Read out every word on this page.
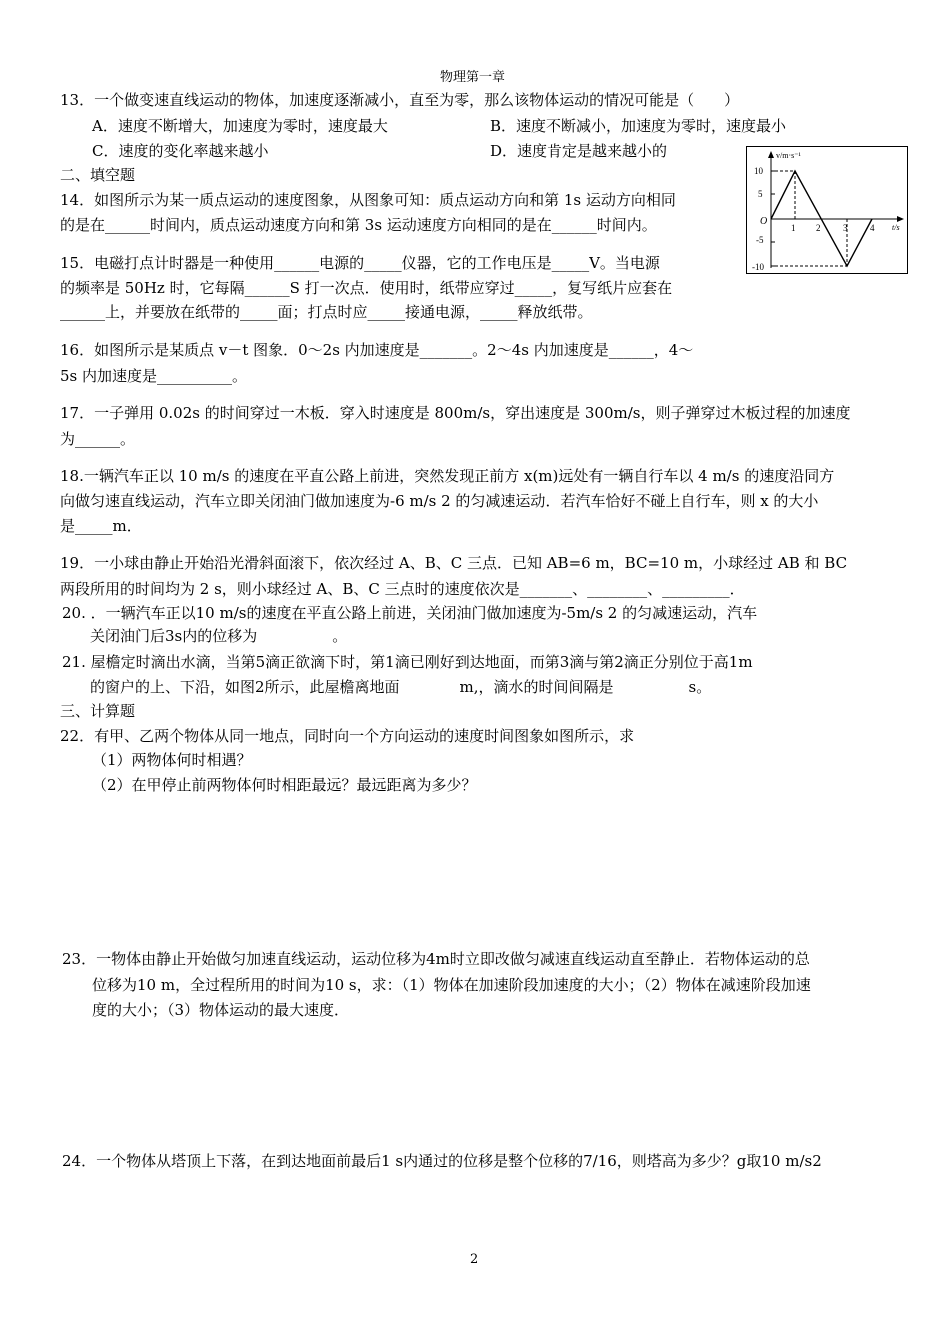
物理第一章
13．一个做变速直线运动的物体，加速度逐渐减小，直至为零，那么该物体运动的情况可能是（　　）
A．速度不断增大，加速度为零时，速度最大	B．速度不断减小，加速度为零时，速度最小
C．速度的变化率越来越小	D．速度肯定是越来越小的
二、填空题
14．如图所示为某一质点运动的速度图象，从图象可知：质点运动方向和第 1s 运动方向相同
的是在______时间内，质点运动速度方向和第 3s 运动速度方向相同的是在______时间内。
15．电磁打点计时器是一种使用______电源的_____仪器，它的工作电压是_____V。当电源
的频率是 50Hz 时，它每隔______S 打一次点．使用时，纸带应穿过_____，复写纸片应套在
______上，并要放在纸带的_____面；打点时应_____接通电源，_____释放纸带。
16．如图所示是某质点 v－t 图象．0～2s 内加速度是_______。2～4s 内加速度是______，4～
5s 内加速度是__________。
17．一子弹用 0.02s 的时间穿过一木板．穿入时速度是 800m/s，穿出速度是 300m/s，则子弹穿过木板过程的加速度
为______。
18.一辆汽车正以 10 m/s 的速度在平直公路上前进，突然发现正前方 x(m)远处有一辆自行车以 4 m/s 的速度沿同方
向做匀速直线运动，汽车立即关闭油门做加速度为-6 m/s 2 的匀减速运动．若汽车恰好不碰上自行车，则 x 的大小
是_____m．
19．一小球由静止开始沿光滑斜面滚下，依次经过 A、B、C 三点．已知 AB=6 m，BC=10 m，小球经过 AB 和 BC
两段所用的时间均为 2 s，则小球经过 A、B、C 三点时的速度依次是_______、________、_________．
20. ．一辆汽车正以10 m/s的速度在平直公路上前进，关闭油门做加速度为-5m/s 2 的匀减速运动，汽车
关闭油门后3s内的位移为　　　　　。
21. 屋檐定时滴出水滴，当第5滴正欲滴下时，第1滴已刚好到达地面，而第3滴与第2滴正分别位于高1m
的窗户的上、下沿，如图2所示，此屋檐离地面　　　　m,，滴水的时间间隔是　　　　　s。
三、计算题
22．有甲、乙两个物体从同一地点，同时向一个方向运动的速度时间图象如图所示，求
（1）两物体何时相遇？
（2）在甲停止前两物体何时相距最远？最远距离为多少？
23．一物体由静止开始做匀加速直线运动，运动位移为4m时立即改做匀减速直线运动直至静止．若物体运动的总
位移为10 m，全过程所用的时间为10 s，求：（1）物体在加速阶段加速度的大小；（2）物体在减速阶段加速
度的大小；（3）物体运动的最大速度．
24．一个物体从塔顶上下落，在到达地面前最后1 s内通过的位移是整个位移的7/16，则塔高为多少？g取10 m/s2
v/m·s⁻¹
t/s
O
10
5
-5
-10
1 2	3	4
2
